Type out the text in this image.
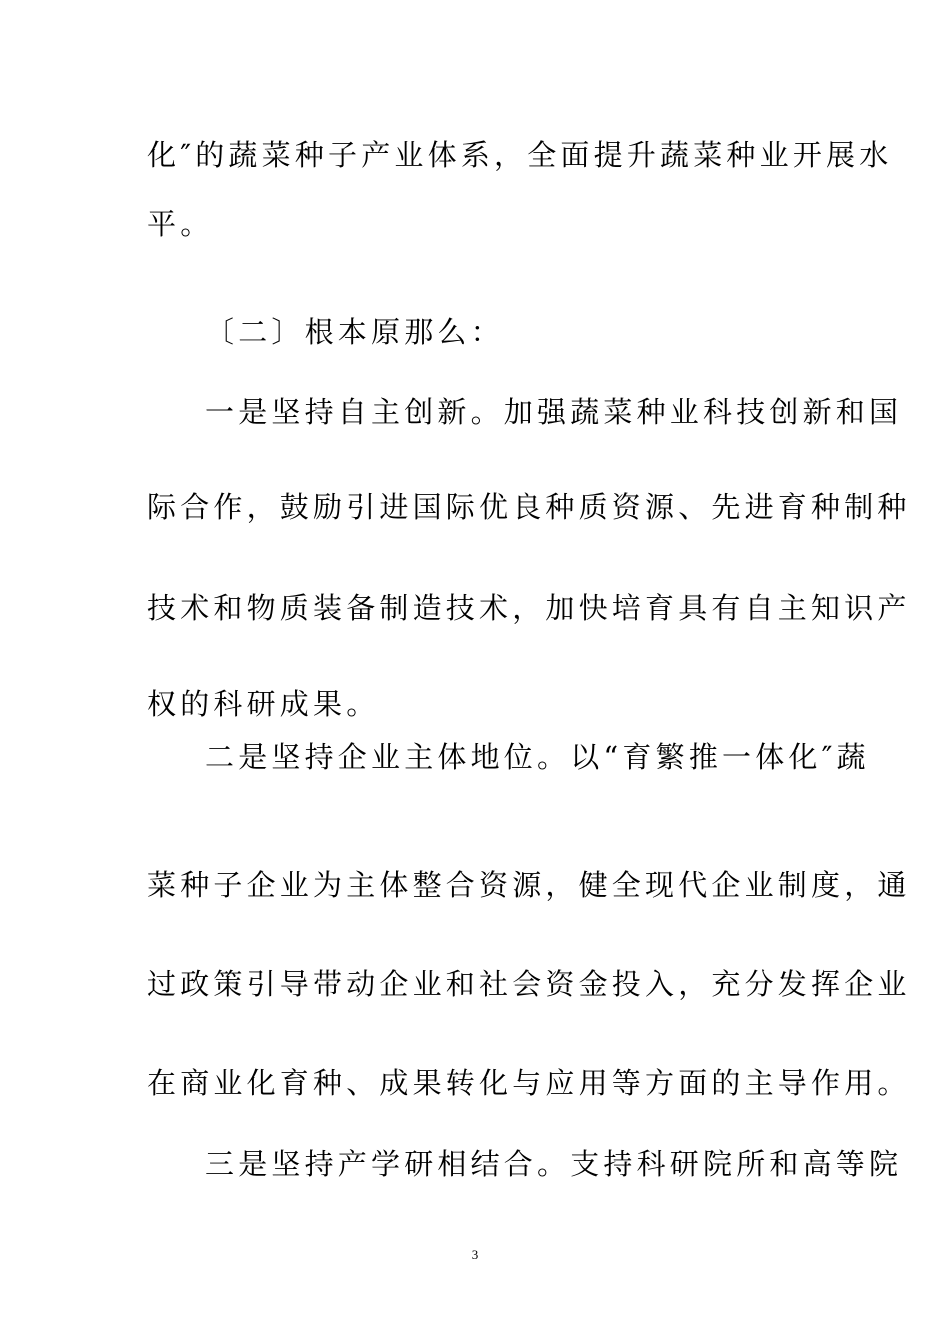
化″的蔬菜种子产业体系，全面提升蔬菜种业开展水
平。
〔二〕根本原那么：
一是坚持自主创新。加强蔬菜种业科技创新和国
际合作，鼓励引进国际优良种质资源、先进育种制种
技术和物质装备制造技术，加快培育具有自主知识产
权的科研成果。
二是坚持企业主体地位。以“育繁推一体化″蔬
菜种子企业为主体整合资源，健全现代企业制度，通
过政策引导带动企业和社会资金投入，充分发挥企业
在商业化育种、成果转化与应用等方面的主导作用。
三是坚持产学研相结合。支持科研院所和高等院
3
